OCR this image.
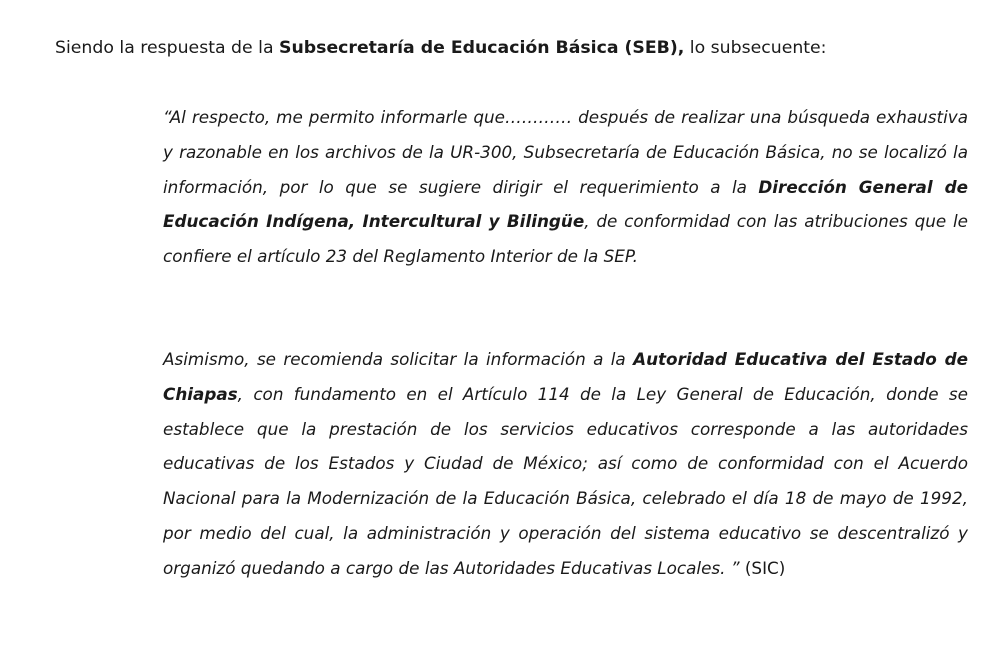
Siendo la respuesta de la Subsecretaría de Educación Básica (SEB), lo subsecuente:
“Al respecto, me permito informarle que………… después de realizar una búsqueda exhaustiva y razonable en los archivos de la UR-300, Subsecretaría de Educación Básica, no se localizó la información, por lo que se sugiere dirigir el requerimiento a la Dirección General de Educación Indígena, Intercultural y Bilingüe, de conformidad con las atribuciones que le confiere el artículo 23 del Reglamento Interior de la SEP.
Asimismo, se recomienda solicitar la información a la Autoridad Educativa del Estado de Chiapas, con fundamento en el Artículo 114 de la Ley General de Educación, donde se establece que la prestación de los servicios educativos corresponde a las autoridades educativas de los Estados y Ciudad de México; así como de conformidad con el Acuerdo Nacional para la Modernización de la Educación Básica, celebrado el día 18 de mayo de 1992, por medio del cual, la administración y operación del sistema educativo se descentralizó y organizó quedando a cargo de las Autoridades Educativas Locales. ” (SIC)
